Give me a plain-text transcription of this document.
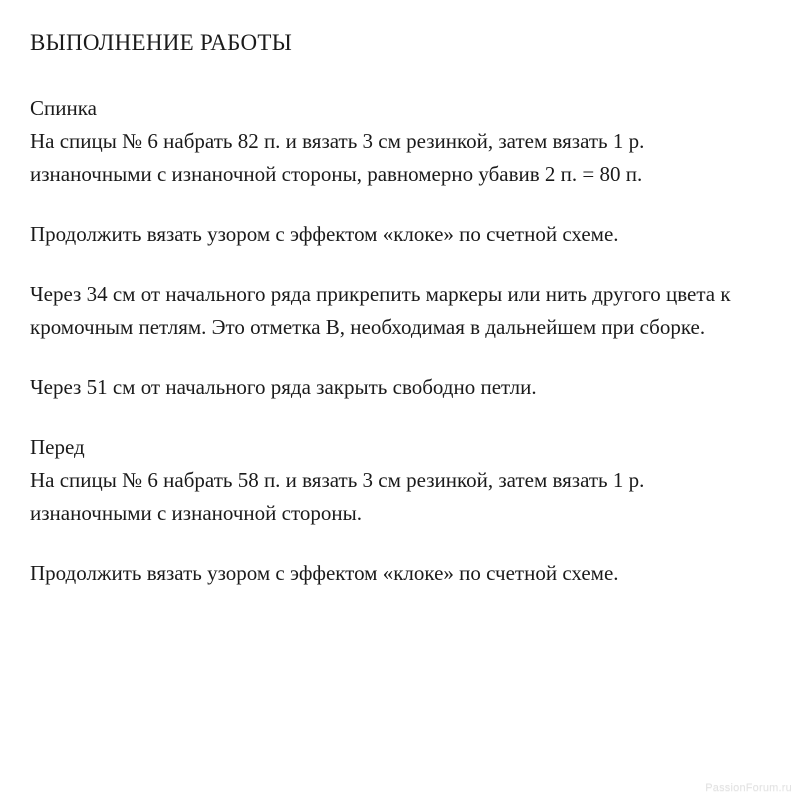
ВЫПОЛНЕНИЕ РАБОТЫ
Спинка

На спицы № 6 набрать 82 п. и вязать 3 см резинкой, затем вязать 1 р. изнаночными с изнаночной стороны, равномерно убавив 2 п. = 80 п.

Продолжить вязать узором с эффектом «клоке» по счетной схеме.

Через 34 см от начального ряда прикрепить маркеры или нить другого цвета к кромочным петлям. Это отметка В, необходимая в дальнейшем при сборке.

Через 51 см от начального ряда закрыть свободно петли.

Перед

На спицы № 6 набрать 58 п. и вязать 3 см резинкой, затем вязать 1 р. изнаночными с изнаночной стороны.

Продолжить вязать узором с эффектом «клоке» по счетной схеме.

PassionForum.ru
